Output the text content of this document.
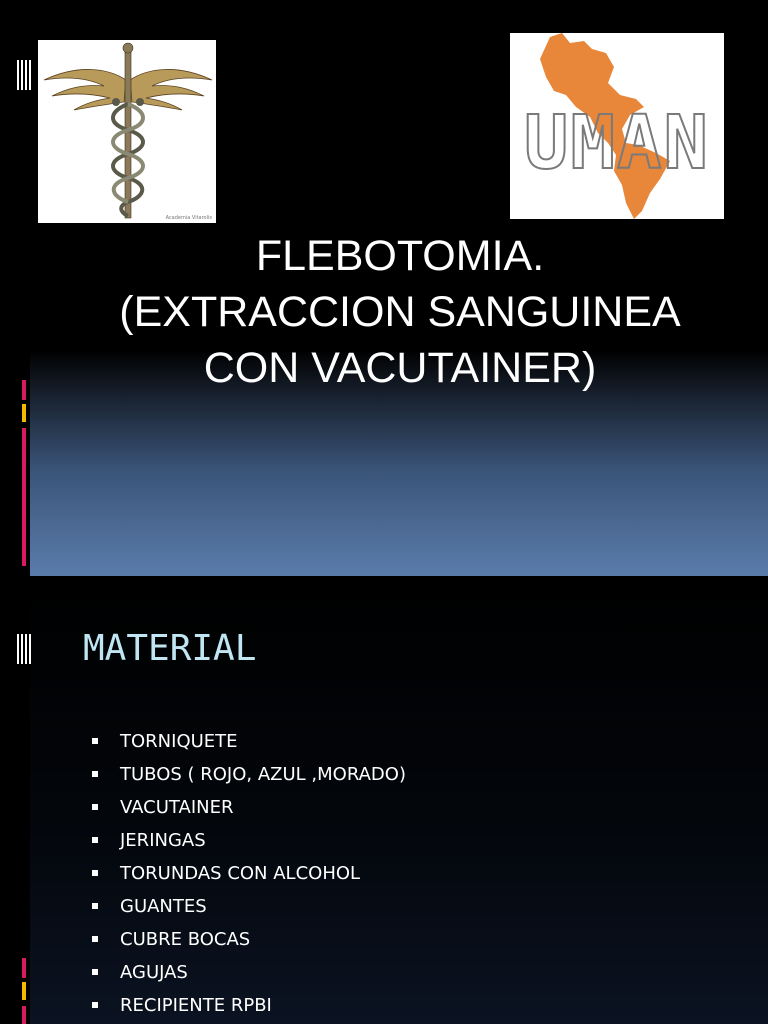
Academia Vitarolis
UMAN
FLEBOTOMIA.
(EXTRACCION SANGUINEA
CON VACUTAINER)
MATERIAL
TORNIQUETE
TUBOS ( ROJO, AZUL ,MORADO)
VACUTAINER
JERINGAS
TORUNDAS CON ALCOHOL
GUANTES
CUBRE BOCAS
AGUJAS
RECIPIENTE RPBI
